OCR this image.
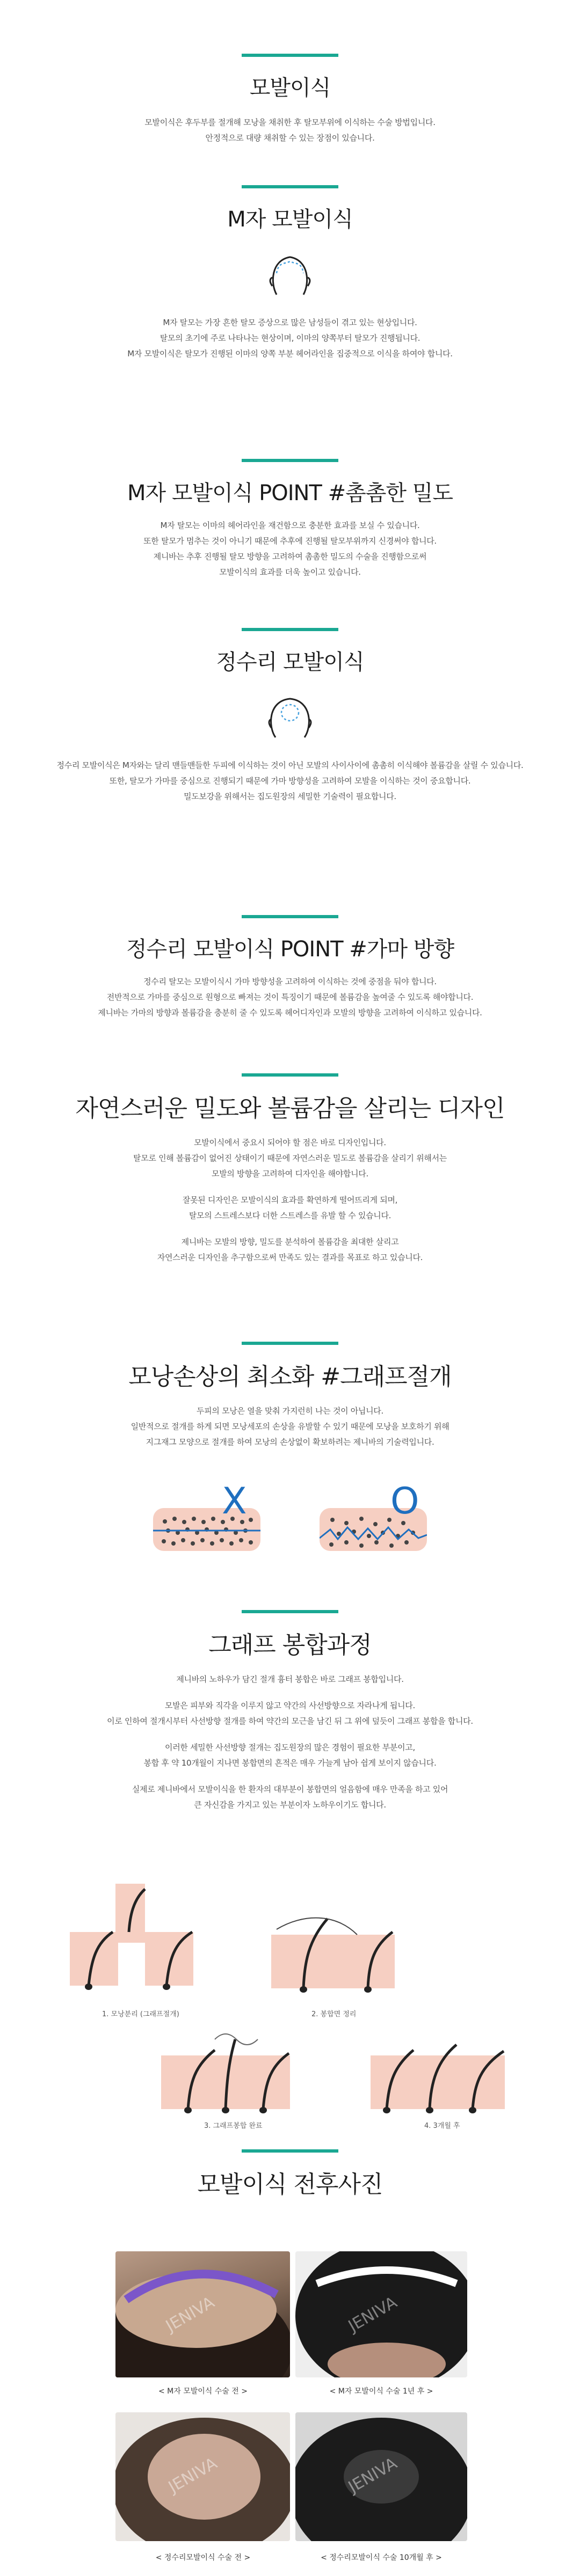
모발이식

모발이식은 후두부를 절개해 모낭을 채취한 후 탈모부위에 이식하는 수술 방법입니다.
안정적으로 대량 채취할 수 있는 장점이 있습니다.

M자 모발이식

M자 탈모는 가장 흔한 탈모 증상으로 많은 남성들이 겪고 있는 현상입니다.
탈모의 초기에 주로 나타나는 현상이며, 이마의 양쪽부터 탈모가 진행됩니다.
M자 모발이식은 탈모가 진행된 이마의 양쪽 부분 헤어라인을 집중적으로 이식을 하여야 합니다.

M자 모발이식 POINT #촘촘한 밀도

M자 탈모는 이마의 헤어라인을 재건함으로 충분한 효과를 보실 수 있습니다.
또한 탈모가 멈추는 것이 아니기 때문에 추후에 진행될 탈모부위까지 신경써야 합니다.
제니바는 추후 진행될 탈모 방향을 고려하여 촘촘한 밀도의 수술을 진행함으로써
모발이식의 효과를 더욱 높이고 있습니다.

정수리 모발이식

정수리 모발이식은 M자와는 달리 맨들맨들한 두피에 이식하는 것이 아닌 모발의 사이사이에 촘촘히 이식해야 볼륨감을 살릴 수 있습니다.
또한, 탈모가 가마를 중심으로 진행되기 때문에 가마 방향성을 고려하여 모발을 이식하는 것이 중요합니다.
밀도보강을 위해서는 집도원장의 세밀한 기술력이 필요합니다.

정수리 모발이식 POINT #가마 방향

정수리 탈모는 모발이식시 가마 방향성을 고려하여 이식하는 것에 중점을 둬야 합니다.
전반적으로 가마를 중심으로 원형으로 빠져는 것이 특징이기 때문에 볼륨감을 높여줄 수 있도록 해야합니다.
제니바는 가마의 방향과 볼륨감을 충분히 줄 수 있도록 헤어디자인과 모발의 방향을 고려하여 이식하고 있습니다.

자연스러운 밀도와 볼륨감을 살리는 디자인

모발이식에서 중요시 되어야 할 점은 바로 디자인입니다.
탈모로 인해 볼륨감이 없어진 상태이기 때문에 자연스러운 밀도로 볼륨감을 살리기 위해서는
모발의 방향을 고려하여 디자인을 해야합니다.

잘못된 디자인은 모발이식의 효과를 확연하게 떨어뜨리게 되며,
탈모의 스트레스보다 더한 스트레스를 유발 할 수 있습니다.

제니바는 모발의 방향, 밀도를 분석하여 볼륨감을 최대한 살리고
자연스러운 디자인을 추구함으로써 만족도 있는 결과를 목표로 하고 있습니다.

모낭손상의 최소화 #그래프절개

두피의 모낭은 열을 맞춰 가지런히 나는 것이 아닙니다.
일반적으로 절개를 하게 되면 모낭세포의 손상을 유발할 수 있기 때문에 모낭을 보호하기 위해
지그재그 모양으로 절개를 하여 모낭의 손상없이 확보하려는 제니바의 기술력입니다.

X	O
그래프 봉합과정

제니바의 노하우가 담긴 절개 흉터 봉합은 바로 그래프 봉합입니다.

모발은 피부와 직각을 이루지 않고 약간의 사선방향으로 자라나게 됩니다.
이로 인하여 절개시부터 사선방향 절개를 하여 약간의 모근을 남긴 뒤 그 위에 덮듯이 그래프 봉합을 합니다.

이러한 세밀한 사선방향 절개는 집도원장의 많은 경험이 필요한 부분이고,
봉합 후 약 10개월이 지나면 봉합면의 흔적은 매우 가늘게 남아 쉽게 보이지 않습니다.

실제로 제니바에서 모발이식을 한 환자의 대부분이 봉합면의 얼음함에 매우 만족을 하고 있어
큰 자신감을 가지고 있는 부분이자 노하우이기도 합니다.

1. 모낭분리 (그래프절개)	2. 봉합면 정리
3. 그래프봉합 완료	4. 3개월 후
모발이식 전후사진
JENIVA
< M자 모발이식 수술 전 >
JENIVA
< M자 모발이식 수술 1년 후 >
JENIVA
< 정수리모발이식 수술 전 >
JENIVA
< 정수리모발이식 수술 10개월 후 >
